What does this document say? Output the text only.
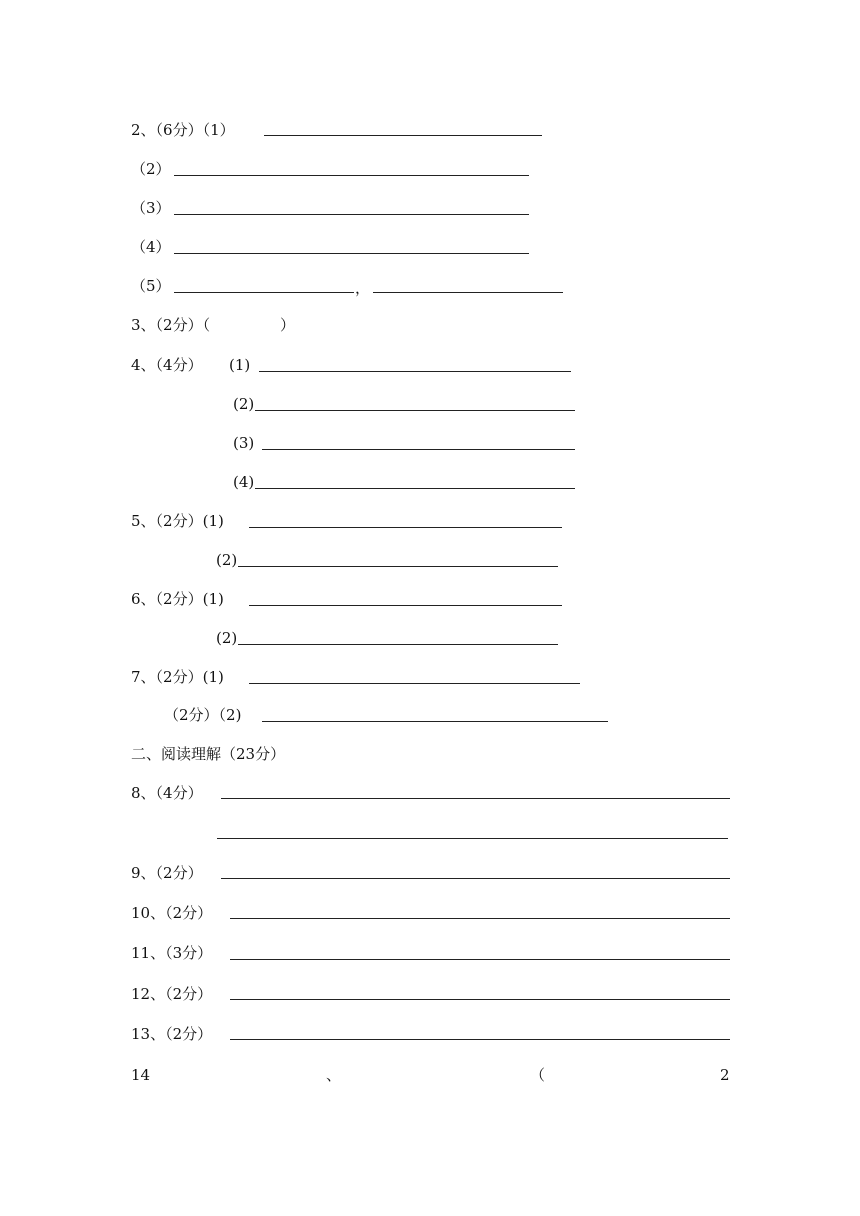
2、（6分）（1）
（2）
（3）
（4）
（5）	，
3、（2分）（	）
4、（4分） (1)
(2)
(3)
(4)
5、（2分）(1)
(2)
6、（2分）(1)
(2)
7、（2分）(1)
（2分）（2)
二、阅读理解（23分）
8、（4分）
9、（2分）
10、（2分）
11、（3分）
12、（2分）
13、（2分）
14	、	（	2
